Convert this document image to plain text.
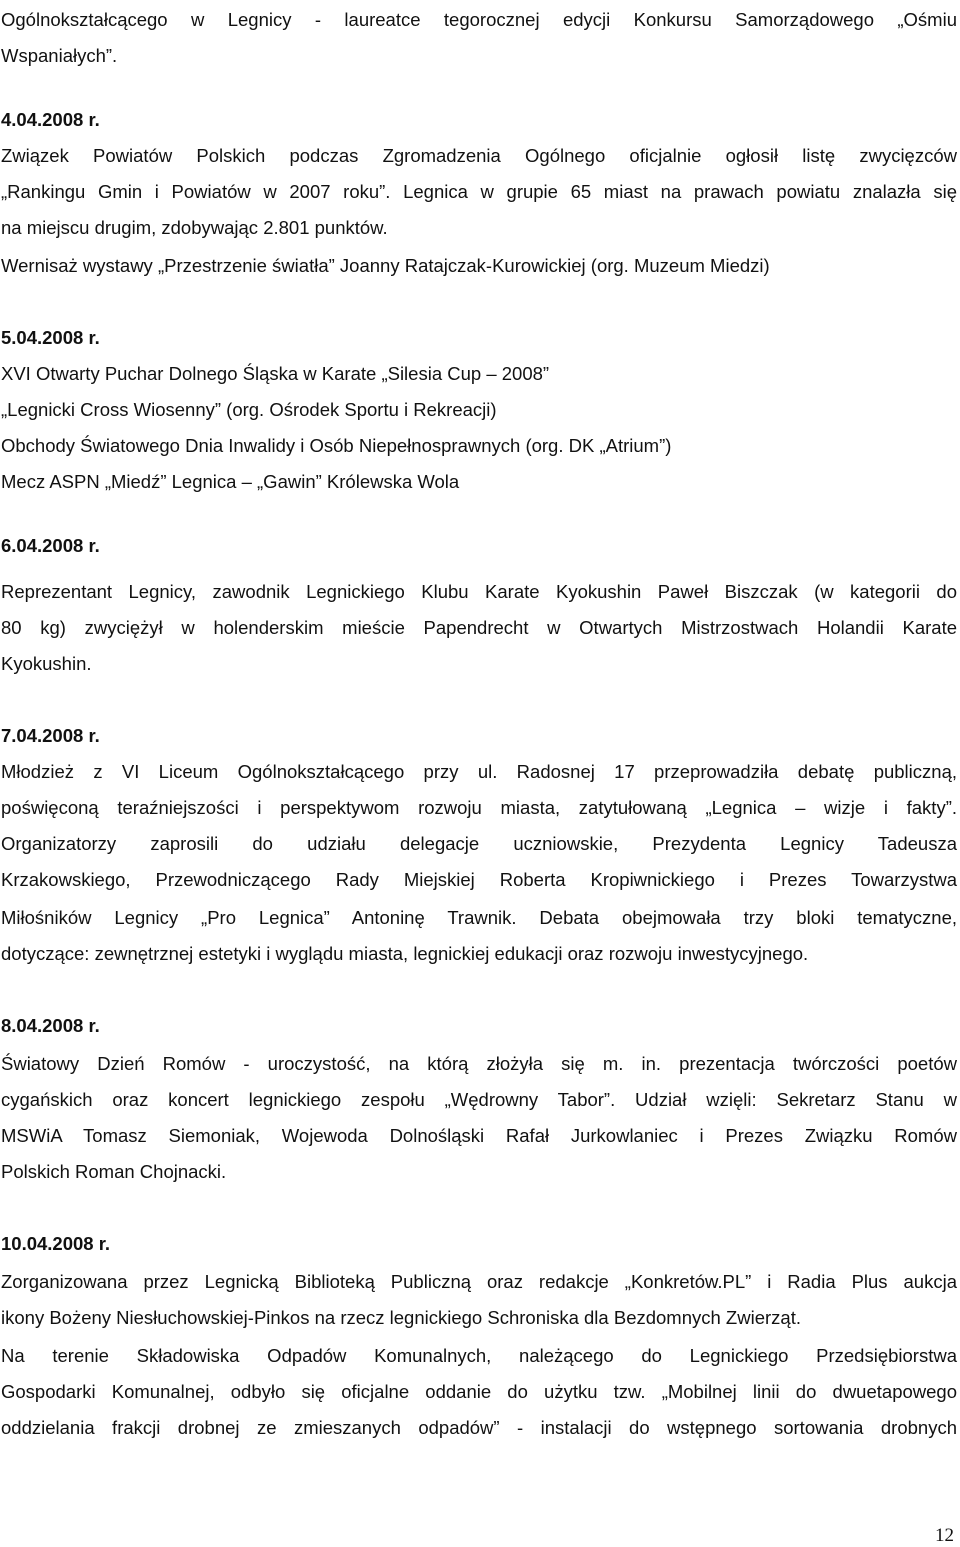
Ogólnokształcącego w Legnicy - laureatce tegorocznej edycji Konkursu Samorządowego „Ośmiu
Wspaniałych”.
4.04.2008 r.
Związek Powiatów Polskich podczas Zgromadzenia Ogólnego oficjalnie ogłosił listę zwycięzców
„Rankingu Gmin i Powiatów w 2007 roku”. Legnica w grupie 65 miast na prawach powiatu znalazła się
na miejscu drugim, zdobywając 2.801 punktów.
Wernisaż wystawy „Przestrzenie światła” Joanny Ratajczak-Kurowickiej (org. Muzeum Miedzi)
5.04.2008 r.
XVI Otwarty Puchar Dolnego Śląska w Karate „Silesia Cup – 2008”
„Legnicki Cross Wiosenny” (org. Ośrodek Sportu i Rekreacji)
Obchody Światowego Dnia Inwalidy i Osób Niepełnosprawnych (org. DK „Atrium”)
Mecz ASPN „Miedź” Legnica – „Gawin” Królewska Wola
6.04.2008 r.
Reprezentant Legnicy, zawodnik Legnickiego Klubu Karate Kyokushin Paweł Biszczak (w kategorii do
80 kg) zwyciężył w holenderskim mieście Papendrecht w Otwartych Mistrzostwach Holandii Karate
Kyokushin.
7.04.2008 r.
Młodzież z VI Liceum Ogólnokształcącego przy ul. Radosnej 17 przeprowadziła debatę publiczną,
poświęconą teraźniejszości i perspektywom rozwoju miasta, zatytułowaną „Legnica – wizje i fakty”.
Organizatorzy zaprosili do udziału delegacje uczniowskie, Prezydenta Legnicy Tadeusza
Krzakowskiego, Przewodniczącego Rady Miejskiej Roberta Kropiwnickiego i Prezes Towarzystwa
Miłośników Legnicy „Pro Legnica” Antoninę Trawnik. Debata obejmowała trzy bloki tematyczne,
dotyczące: zewnętrznej estetyki i wyglądu miasta, legnickiej edukacji oraz rozwoju inwestycyjnego.
8.04.2008 r.
Światowy Dzień Romów - uroczystość, na którą złożyła się m. in. prezentacja twórczości poetów
cygańskich oraz koncert legnickiego zespołu „Wędrowny Tabor”. Udział wzięli: Sekretarz Stanu w
MSWiA Tomasz Siemoniak, Wojewoda Dolnośląski Rafał Jurkowlaniec i Prezes Związku Romów
Polskich Roman Chojnacki.
10.04.2008 r.
Zorganizowana przez Legnicką Biblioteką Publiczną oraz redakcje „Konkretów.PL” i Radia Plus aukcja
ikony Bożeny Niesłuchowskiej-Pinkos na rzecz legnickiego Schroniska dla Bezdomnych Zwierząt.
Na terenie Składowiska Odpadów Komunalnych, należącego do Legnickiego Przedsiębiorstwa
Gospodarki Komunalnej, odbyło się oficjalne oddanie do użytku tzw. „Mobilnej linii do dwuetapowego
oddzielania frakcji drobnej ze zmieszanych odpadów” - instalacji do wstępnego sortowania drobnych
12
